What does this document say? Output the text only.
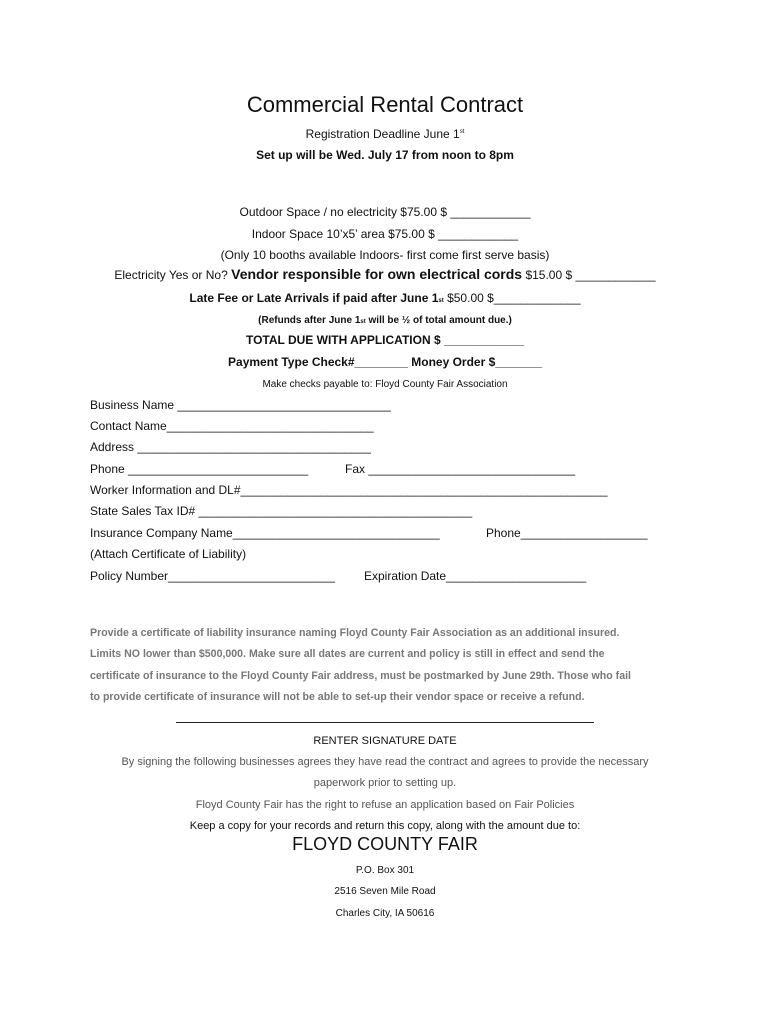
Commercial Rental Contract
Registration Deadline June 1st
Set up will be Wed. July 17 from noon to 8pm
Outdoor Space / no electricity $75.00 $ ____________
Indoor Space 10’x5’ area $75.00 $ ____________
(Only 10 booths available Indoors- first come first serve basis)
Electricity Yes or No? Vendor responsible for own electrical cords $15.00 $ ____________
Late Fee or Late Arrivals if paid after June 1st $50.00 $_____________
(Refunds after June 1st will be ½ of total amount due.)
TOTAL DUE WITH APPLICATION $ ____________
Payment Type Check#________ Money Order $_______
Make checks payable to: Floyd County Fair Association
Business Name ________________________________
Contact Name_______________________________
Address ___________________________________
Phone ___________________________	Fax _______________________________
Worker Information and DL#_______________________________________________________
State Sales Tax ID# _________________________________________
Insurance Company Name_______________________________	Phone___________________
(Attach Certificate of Liability)
Policy Number_________________________ Expiration Date_____________________
Provide a certificate of liability insurance naming Floyd County Fair Association as an additional insured.
Limits NO lower than $500,000. Make sure all dates are current and policy is still in effect and send the
certificate of insurance to the Floyd County Fair address, must be postmarked by June 29th. Those who fail
to provide certificate of insurance will not be able to set-up their vendor space or receive a refund.
RENTER SIGNATURE DATE
By signing the following businesses agrees they have read the contract and agrees to provide the necessary
paperwork prior to setting up.
Floyd County Fair has the right to refuse an application based on Fair Policies
Keep a copy for your records and return this copy, along with the amount due to:
FLOYD COUNTY FAIR
P.O. Box 301
2516 Seven Mile Road
Charles City, IA 50616
